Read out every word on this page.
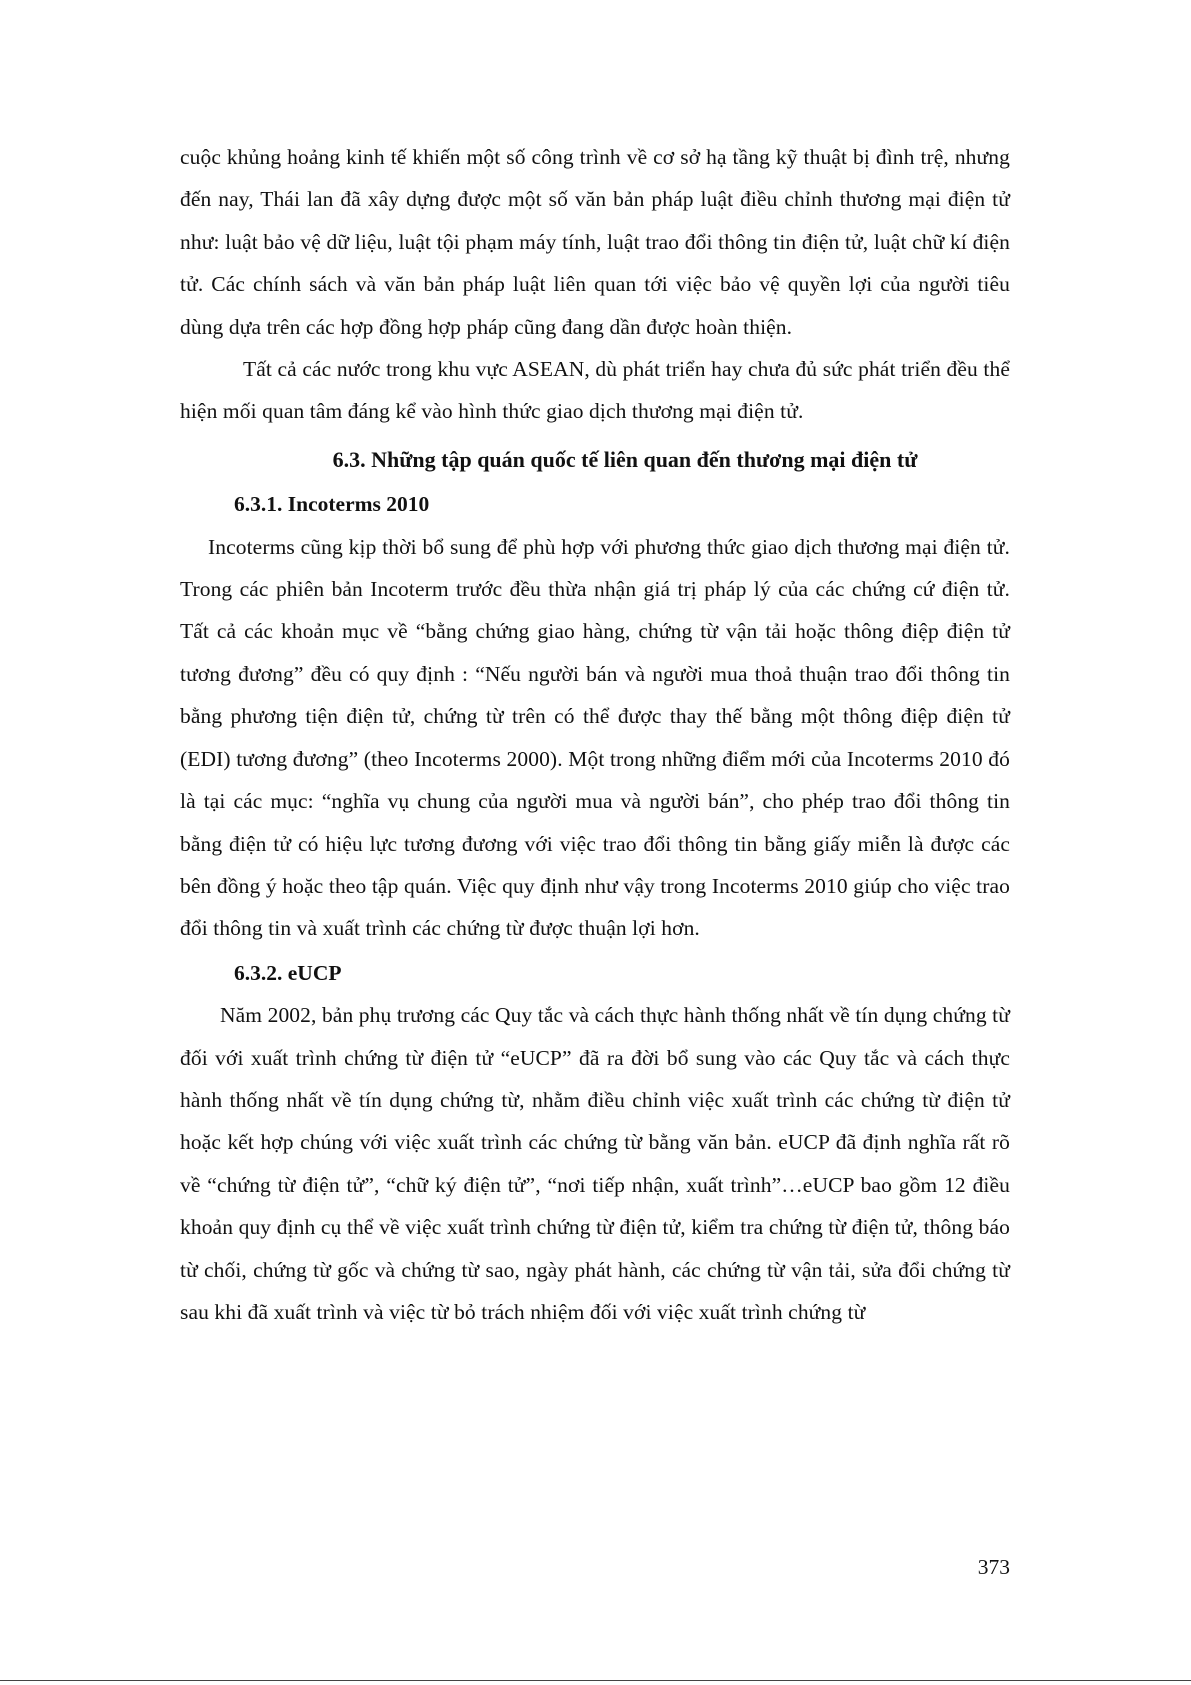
cuộc khủng hoảng kinh tế khiến một số công trình về cơ sở hạ tầng kỹ thuật bị đình trệ, nhưng đến nay, Thái lan đã xây dựng được một số văn bản pháp luật điều chỉnh thương mại điện tử như: luật bảo vệ dữ liệu, luật tội phạm máy tính, luật trao đổi thông tin điện tử, luật chữ kí điện tử. Các chính sách và văn bản pháp luật liên quan tới việc bảo vệ quyền lợi của người tiêu dùng dựa trên các hợp đồng hợp pháp cũng đang dần được hoàn thiện.

Tất cả các nước trong khu vực ASEAN, dù phát triển hay chưa đủ sức phát triển đều thể hiện mối quan tâm đáng kể vào hình thức giao dịch thương mại điện tử.

6.3. Những tập quán quốc tế liên quan đến thương mại điện tử
6.3.1. Incoterms 2010

Incoterms cũng kịp thời bổ sung để phù hợp với phương thức giao dịch thương mại điện tử. Trong các phiên bản Incoterm trước đều thừa nhận giá trị pháp lý của các chứng cứ điện tử. Tất cả các khoản mục về “bằng chứng giao hàng, chứng từ vận tải hoặc thông điệp điện tử tương đương” đều có quy định : “Nếu người bán và người mua thoả thuận trao đổi thông tin bằng phương tiện điện tử, chứng từ trên có thể được thay thế bằng một thông điệp điện tử (EDI) tương đương” (theo Incoterms 2000). Một trong những điểm mới của Incoterms 2010 đó là tại các mục: “nghĩa vụ chung của người mua và người bán”, cho phép trao đổi thông tin bằng điện tử có hiệu lực tương đương với việc trao đổi thông tin bằng giấy miễn là được các bên đồng ý hoặc theo tập quán. Việc quy định như vậy trong Incoterms 2010 giúp cho việc trao đổi thông tin và xuất trình các chứng từ được thuận lợi hơn.

6.3.2. eUCP

Năm 2002, bản phụ trương các Quy tắc và cách thực hành thống nhất về tín dụng chứng từ đối với xuất trình chứng từ điện tử “eUCP” đã ra đời bổ sung vào các Quy tắc và cách thực hành thống nhất về tín dụng chứng từ, nhằm điều chỉnh việc xuất trình các chứng từ điện tử hoặc kết hợp chúng với việc xuất trình các chứng từ bằng văn bản. eUCP đã định nghĩa rất rõ về “chứng từ điện tử”, “chữ ký điện tử”, “nơi tiếp nhận, xuất trình”…eUCP bao gồm 12 điều khoản quy định cụ thể về việc xuất trình chứng từ điện tử, kiểm tra chứng từ điện tử, thông báo từ chối, chứng từ gốc và chứng từ sao, ngày phát hành, các chứng từ vận tải, sửa đổi chứng từ sau khi đã xuất trình và việc từ bỏ trách nhiệm đối với việc xuất trình chứng từ

373
